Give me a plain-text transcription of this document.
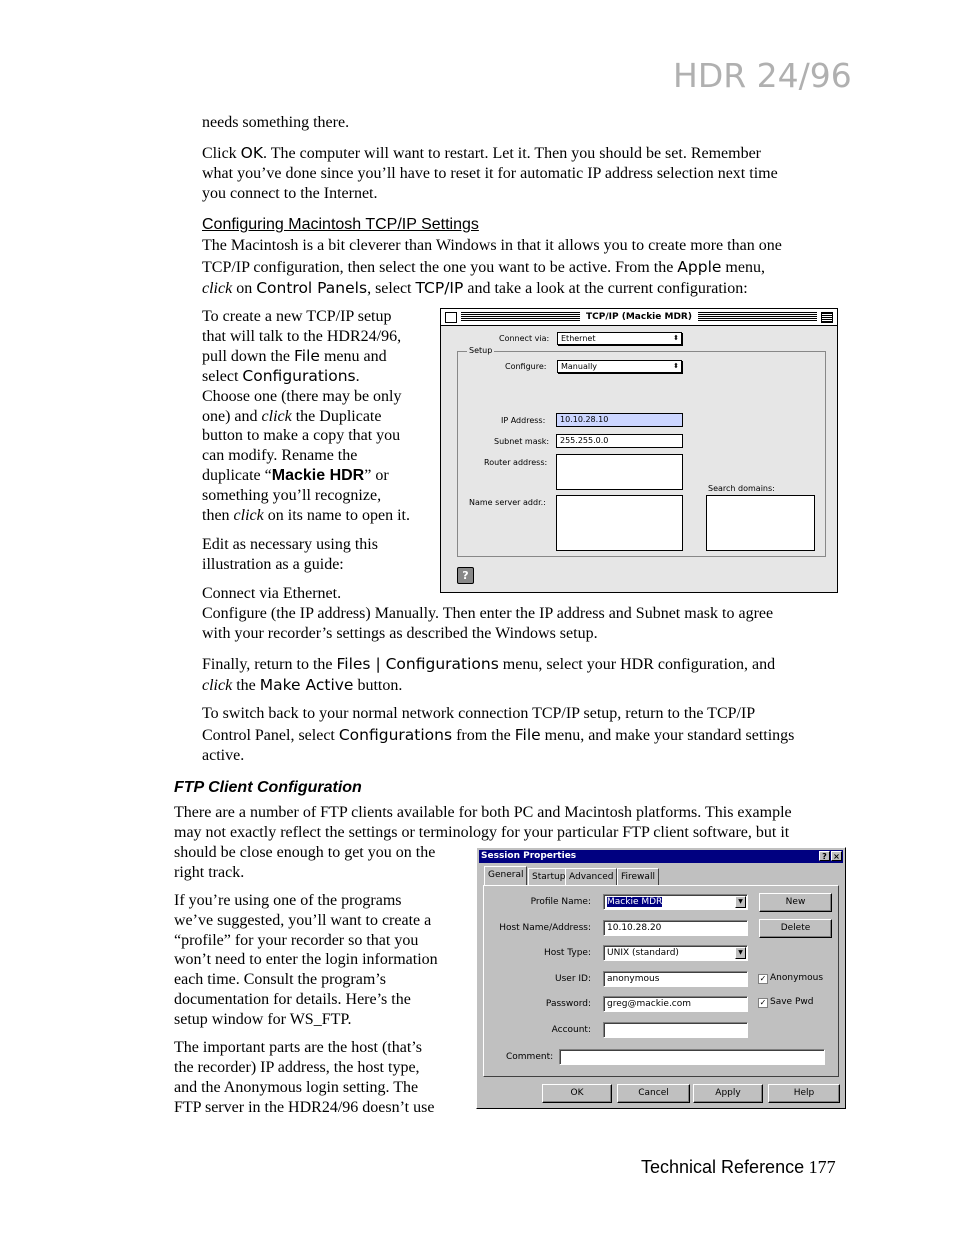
HDR 24/96

needs something there.

Click OK. The computer will want to restart. Let it. Then you should be set. Remember
what you’ve done since you’ll have to reset it for automatic IP address selection next time
you connect to the Internet.
Configuring Macintosh TCP/IP Settings
The Macintosh is a bit cleverer than Windows in that it allows you to create more than one
TCP/IP configuration, then select the one you want to be active. From the Apple menu,
click on Control Panels, select TCP/IP and take a look at the current configuration:
To create a new TCP/IP setup
that will talk to the HDR24/96,
pull down the File menu and
select Configurations.
Choose one (there may be only
one) and click the Duplicate
button to make a copy that you
can modify. Rename the
duplicate “Mackie HDR” or
something you’ll recognize,
then click on its name to open it.
Edit as necessary using this
illustration as a guide:
Connect via Ethernet.
Configure (the IP address) Manually. Then enter the IP address and Subnet mask to agree
with your recorder’s settings as described the Windows setup.
Finally, return to the Files | Configurations menu, select your HDR configuration, and
click the Make Active button.
To switch back to your normal network connection TCP/IP setup, return to the TCP/IP
Control Panel, select Configurations from the File menu, and make your standard settings
active.
FTP Client Configuration
There are a number of FTP clients available for both PC and Macintosh platforms. This example
may not exactly reflect the settings or terminology for your particular FTP client software, but it
should be close enough to get you on the
right track.
If you’re using one of the programs
we’ve suggested, you’ll want to create a
“profile” for your recorder so that you
won’t need to enter the login information
each time. Consult the program’s
documentation for details. Here’s the
setup window for WS_FTP.
The important parts are the host (that’s
the recorder) IP address, the host type,
and the Anonymous login setting. The
FTP server in the HDR24/96 doesn’t use
Technical Reference 177
TCP/IP (Mackie MDR)
Connect via:	Ethernet	⬍
Setup
Configure:	Manually	⬍
IP Address:	10.10.28.10
Subnet mask:	255.255.0.0
Router address:
Search domains:
Name server addr.:
?
Session Properties	? ×
General Startup Advanced Firewall
Profile Name:	Mackie MDR	▼	New
Host Name/Address:	10.10.28.20	Delete
Host Type:	UNIX (standard)	▼
User ID:	anonymous	✓ Anonymous
Password:	greg@mackie.com	✓ Save Pwd
Account:
Comment:
OK	Cancel	Apply	Help
